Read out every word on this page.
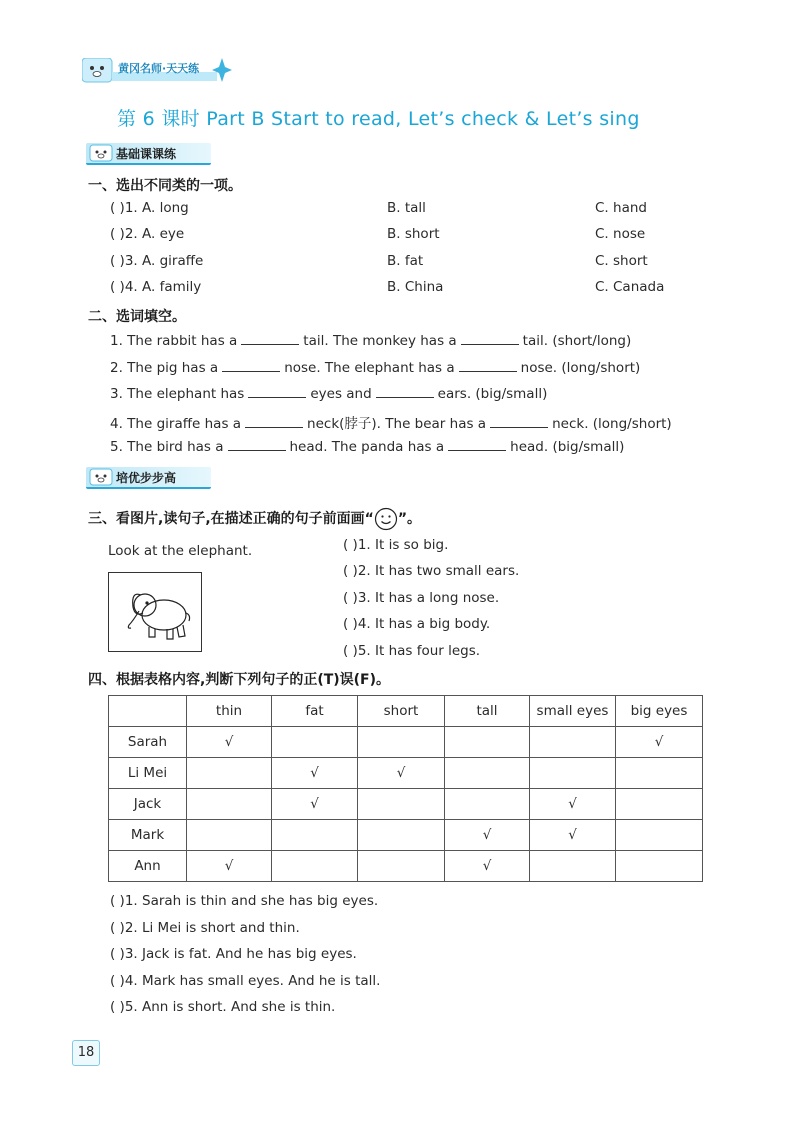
黄冈名师·天天练
第 6 课时 Part B Start to read, Let’s check & Let’s sing
基础课课练
一、选出不同类的一项。
( )1. A. long	B. tall	C. hand
( )2. A. eye	B. short	C. nose
( )3. A. giraffe	B. fat	C. short
( )4. A. family	B. China	C. Canada
二、选词填空。
1. The rabbit has a	tail. The monkey has a	tail. (short/long)
2. The pig has a	nose. The elephant has a	nose. (long/short)
3. The elephant has	eyes and	ears. (big/small)
4. The giraffe has a	neck(脖子). The bear has a	neck. (long/short)
5. The bird has a	head. The panda has a	head. (big/small)
培优步步高
三、看图片,读句子,在描述正确的句子前面画“ ”。
Look at the elephant.	( )1. It is so big.
( )2. It has two small ears.
( )3. It has a long nose.
( )4. It has a big body.
( )5. It has four legs.
四、根据表格内容,判断下列句子的正(T)误(F)。
	thin	fat	short	tall	small eyes	big eyes
Sarah	√					√
Li Mei		√	√			
Jack		√			√	
Mark				√	√	
Ann	√			√		
( )1. Sarah is thin and she has big eyes.
( )2. Li Mei is short and thin.
( )3. Jack is fat. And he has big eyes.
( )4. Mark has small eyes. And he is tall.
( )5. Ann is short. And she is thin.
18
